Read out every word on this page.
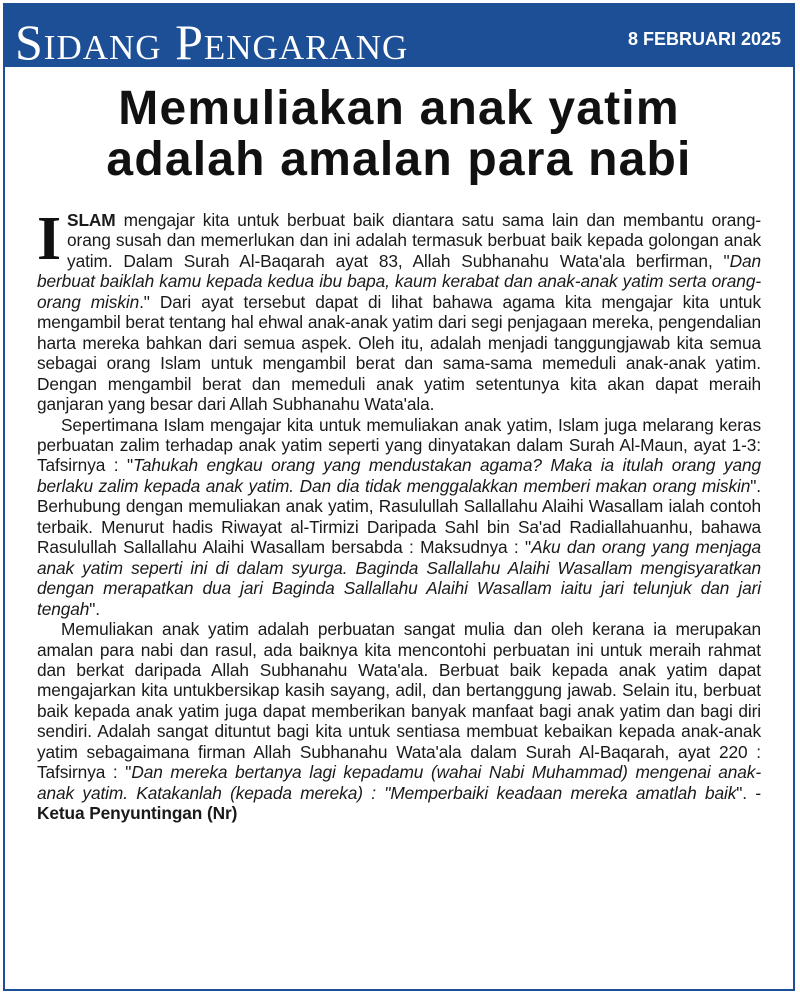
Sidang Pengarang	8 FEBRUARI 2025
Memuliakan anak yatim
adalah amalan para nabi

ISLAM mengajar kita untuk berbuat baik diantara satu sama lain dan membantu orang-orang susah dan memerlukan dan ini adalah termasuk berbuat baik kepada golongan anak yatim. Dalam Surah Al-Baqarah ayat 83, Allah Subhanahu Wata'ala berfirman, "Dan berbuat baiklah kamu kepada kedua ibu bapa, kaum kerabat dan anak-anak yatim serta orang-orang miskin." Dari ayat tersebut dapat di lihat bahawa agama kita mengajar kita untuk mengambil berat tentang hal ehwal anak-anak yatim dari segi penjagaan mereka, pengendalian harta mereka bahkan dari semua aspek. Oleh itu, adalah menjadi tanggungjawab kita semua sebagai orang Islam untuk mengambil berat dan sama-sama memeduli anak-anak yatim. Dengan mengambil berat dan memeduli anak yatim setentunya kita akan dapat meraih ganjaran yang besar dari Allah Subhanahu Wata'ala.

Sepertimana Islam mengajar kita untuk memuliakan anak yatim, Islam juga melarang keras perbuatan zalim terhadap anak yatim seperti yang dinyatakan dalam Surah Al-Maun, ayat 1-3: Tafsirnya : "Tahukah engkau orang yang mendustakan agama? Maka ia itulah orang yang berlaku zalim kepada anak yatim. Dan dia tidak menggalakkan memberi makan orang miskin". Berhubung dengan memuliakan anak yatim, Rasulullah Sallallahu Alaihi Wasallam ialah contoh terbaik. Menurut hadis Riwayat al-Tirmizi Daripada Sahl bin Sa'ad Radiallahuanhu, bahawa Rasulullah Sallallahu Alaihi Wasallam bersabda : Maksudnya : "Aku dan orang yang menjaga anak yatim seperti ini di dalam syurga. Baginda Sallallahu Alaihi Wasallam mengisyaratkan dengan merapatkan dua jari Baginda Sallallahu Alaihi Wasallam iaitu jari telunjuk dan jari tengah".

Memuliakan anak yatim adalah perbuatan sangat mulia dan oleh kerana ia merupakan amalan para nabi dan rasul, ada baiknya kita mencontohi perbuatan ini untuk meraih rahmat dan berkat daripada Allah Subhanahu Wata'ala. Berbuat baik kepada anak yatim dapat mengajarkan kita untukbersikap kasih sayang, adil, dan bertanggung jawab. Selain itu, berbuat baik kepada anak yatim juga dapat memberikan banyak manfaat bagi anak yatim dan bagi diri sendiri. Adalah sangat dituntut bagi kita untuk sentiasa membuat kebaikan kepada anak-anak yatim sebagaimana firman Allah Subhanahu Wata'ala dalam Surah Al-Baqarah, ayat 220 : Tafsirnya : "Dan mereka bertanya lagi kepadamu (wahai Nabi Muhammad) mengenai anak-anak yatim. Katakanlah (kepada mereka) : "Memperbaiki keadaan mereka amatlah baik". - Ketua Penyuntingan (Nr)
